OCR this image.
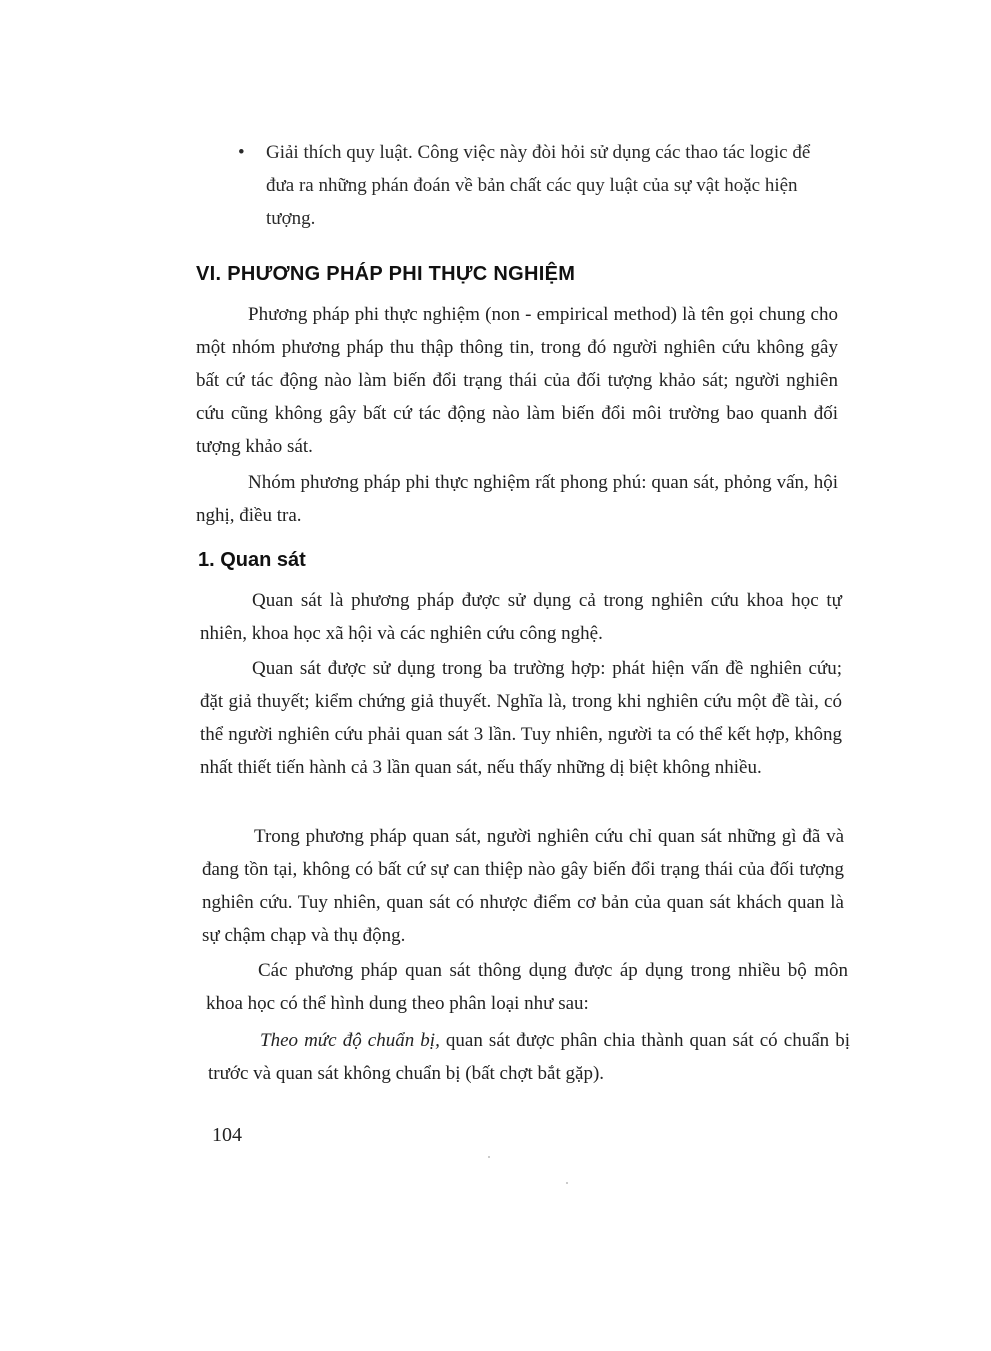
•	Giải thích quy luật. Công việc này đòi hỏi sử dụng các thao tác logic để đưa ra những phán đoán về bản chất các quy luật của sự vật hoặc hiện tượng.
VI. PHƯƠNG PHÁP PHI THỰC NGHIỆM

Phương pháp phi thực nghiệm (non - empirical method) là tên gọi chung cho một nhóm phương pháp thu thập thông tin, trong đó người nghiên cứu không gây bất cứ tác động nào làm biến đổi trạng thái của đối tượng khảo sát; người nghiên cứu cũng không gây bất cứ tác động nào làm biến đổi môi trường bao quanh đối tượng khảo sát.

Nhóm phương pháp phi thực nghiệm rất phong phú: quan sát, phỏng vấn, hội nghị, điều tra.

1. Quan sát

Quan sát là phương pháp được sử dụng cả trong nghiên cứu khoa học tự nhiên, khoa học xã hội và các nghiên cứu công nghệ.

Quan sát được sử dụng trong ba trường hợp: phát hiện vấn đề nghiên cứu; đặt giả thuyết; kiểm chứng giả thuyết. Nghĩa là, trong khi nghiên cứu một đề tài, có thể người nghiên cứu phải quan sát 3 lần. Tuy nhiên, người ta có thể kết hợp, không nhất thiết tiến hành cả 3 lần quan sát, nếu thấy những dị biệt không nhiều.

Trong phương pháp quan sát, người nghiên cứu chỉ quan sát những gì đã và đang tồn tại, không có bất cứ sự can thiệp nào gây biến đổi trạng thái của đối tượng nghiên cứu. Tuy nhiên, quan sát có nhược điểm cơ bản của quan sát khách quan là sự chậm chạp và thụ động.

Các phương pháp quan sát thông dụng được áp dụng trong nhiều bộ môn khoa học có thể hình dung theo phân loại như sau:

Theo mức độ chuẩn bị, quan sát được phân chia thành quan sát có chuẩn bị trước và quan sát không chuẩn bị (bất chợt bắt gặp).

104
